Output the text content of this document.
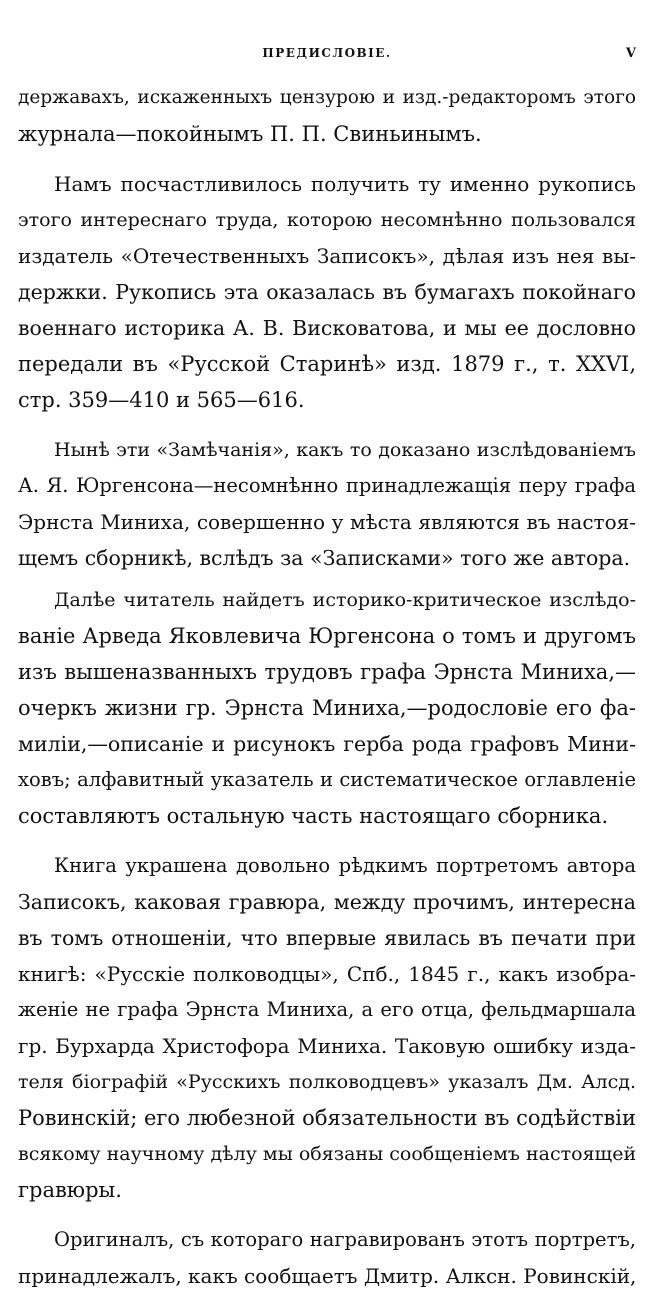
ПРЕДИСЛОВІЕ.	V
державахъ, искаженныхъ цензурою и изд.-редакторомъ этого
журнала—покойнымъ П. П. Свиньинымъ.
Намъ посчастливилось получить ту именно рукопись
этого интереснаго труда, которою несомнѣнно пользовался
издатель «Отечественныхъ Записокъ», дѣлая изъ нея вы-
держки. Рукопись эта оказалась въ бумагахъ покойнаго
военнаго историка А. В. Висковатова, и мы ее дословно
передали въ «Русской Старинѣ» изд. 1879 г., т. XXVI,
стр. 359—410 и 565—616.
Нынѣ эти «Замѣчанія», какъ то доказано изслѣдованіемъ
А. Я. Юргенсона—несомнѣнно принадлежащія перу графа
Эрнста Миниха, совершенно у мѣста являются въ настоя-
щемъ сборникѣ, вслѣдъ за «Записками» того же автора.
Далѣе читатель найдетъ историко-критическое изслѣдо-
ваніе Арведа Яковлевича Юргенсона о томъ и другомъ
изъ вышеназванныхъ трудовъ графа Эрнста Миниха,—
очеркъ жизни гр. Эрнста Миниха,—родословіе его фа-
миліи,—описаніе и рисунокъ герба рода графовъ Мини-
ховъ; алфавитный указатель и систематическое оглавленіе
составляютъ остальную часть настоящаго сборника.
Книга украшена довольно рѣдкимъ портретомъ автора
Записокъ, каковая гравюра, между прочимъ, интересна
въ томъ отношеніи, что впервые явилась въ печати при
книгѣ: «Русскіе полководцы», Спб., 1845 г., какъ изобра-
женіе не графа Эрнста Миниха, а его отца, фельдмаршала
гр. Бурхарда Христофора Миниха. Таковую ошибку изда-
теля біографій «Русскихъ полководцевъ» указалъ Дм. Алсд.
Ровинскій; его любезной обязательности въ содѣйствіи
всякому научному дѣлу мы обязаны сообщеніемъ настоящей
гравюры.
Оригиналъ, съ котораго награвированъ этотъ портретъ,
принадлежалъ, какъ сообщаетъ Дмитр. Алксн. Ровинскій,
